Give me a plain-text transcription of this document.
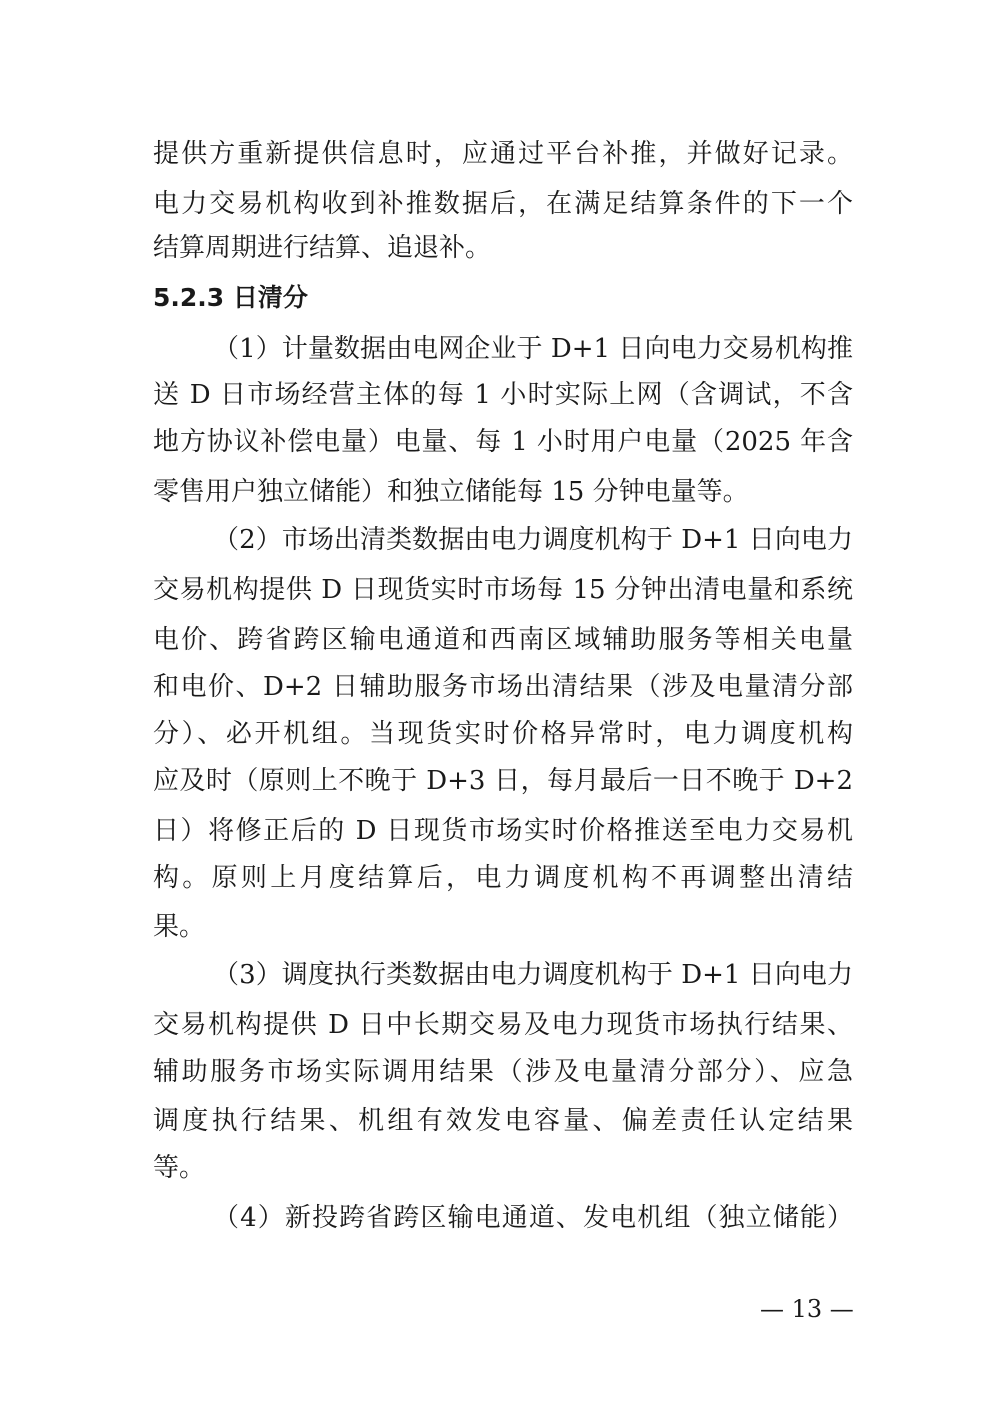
提供方重新提供信息时，应通过平台补推，并做好记录。
电力交易机构收到补推数据后，在满足结算条件的下一个
结算周期进行结算、追退补。
5.2.3 日清分
（1）计量数据由电网企业于 D+1 日向电力交易机构推
送 D 日市场经营主体的每 1 小时实际上网（含调试，不含
地方协议补偿电量）电量、每 1 小时用户电量（2025 年含
零售用户独立储能）和独立储能每 15 分钟电量等。
（2）市场出清类数据由电力调度机构于 D+1 日向电力
交易机构提供 D 日现货实时市场每 15 分钟出清电量和系统
电价、跨省跨区输电通道和西南区域辅助服务等相关电量
和电价、D+2 日辅助服务市场出清结果（涉及电量清分部
分）、必开机组。当现货实时价格异常时，电力调度机构
应及时（原则上不晚于 D+3 日，每月最后一日不晚于 D+2
日）将修正后的 D 日现货市场实时价格推送至电力交易机
构。原则上月度结算后，电力调度机构不再调整出清结
果。
（3）调度执行类数据由电力调度机构于 D+1 日向电力
交易机构提供 D 日中长期交易及电力现货市场执行结果、
辅助服务市场实际调用结果（涉及电量清分部分）、应急
调度执行结果、机组有效发电容量、偏差责任认定结果
等。
（4）新投跨省跨区输电通道、发电机组（独立储能）
— 13 —
